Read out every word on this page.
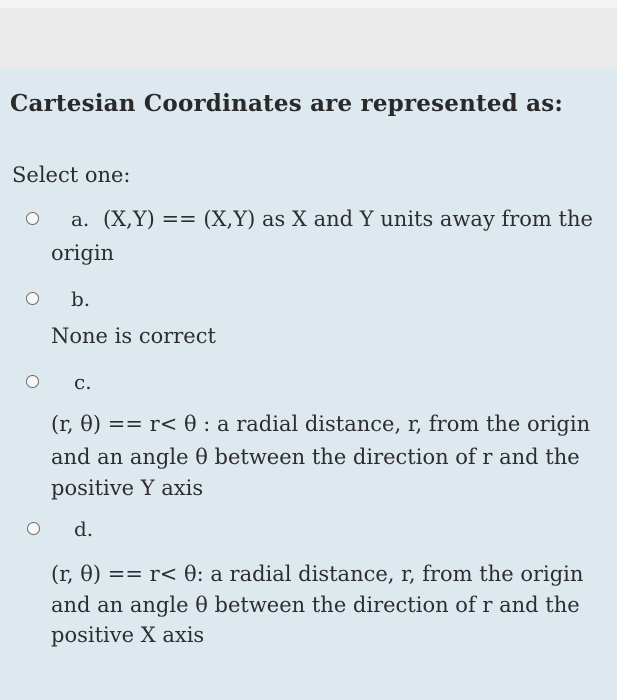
Cartesian Coordinates are represented as:
Select one:
a. (X,Y) == (X,Y) as X and Y units away from the
origin
b.
None is correct
c.
(r, θ) == r< θ : a radial distance, r, from the origin
and an angle θ between the direction of r and the
positive Y axis
d.
(r, θ) == r< θ: a radial distance, r, from the origin
and an angle θ between the direction of r and the
positive X axis
